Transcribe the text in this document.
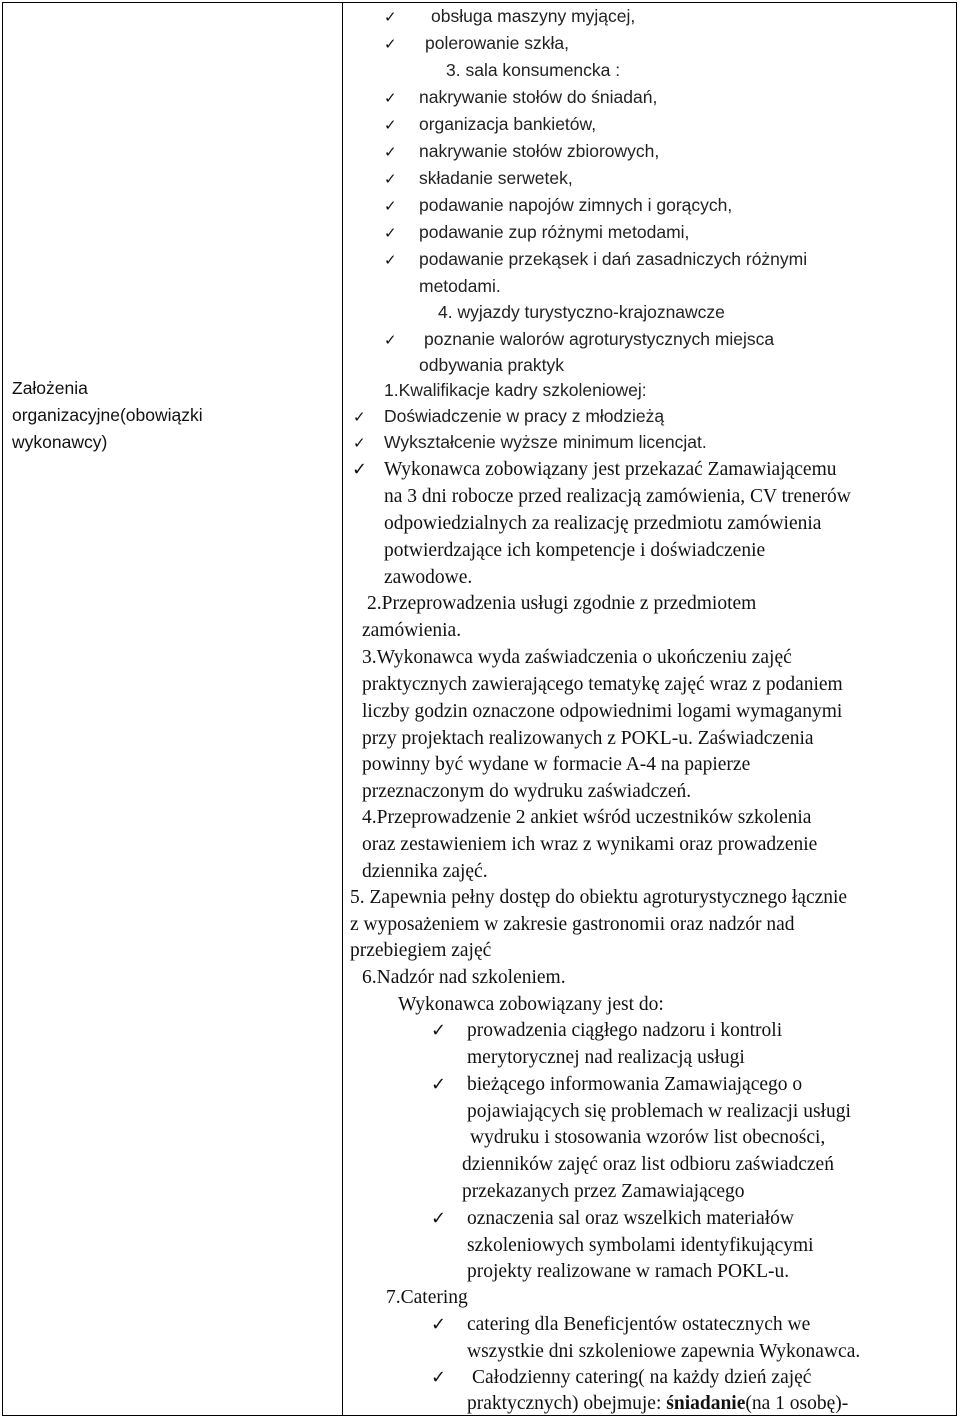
Założenia
organizacyjne(obowiązki
wykonawcy)
✓ obsługa maszyny myjącej,
✓ polerowanie szkła,
3. sala konsumencka :
✓ nakrywanie stołów do śniadań,
✓ organizacja bankietów,
✓ nakrywanie stołów zbiorowych,
✓ składanie serwetek,
✓ podawanie napojów zimnych i gorących,
✓ podawanie zup różnymi metodami,
✓ podawanie przekąsek i dań zasadniczych różnymi
metodami.
4. wyjazdy turystyczno-krajoznawcze
✓ poznanie walorów agroturystycznych miejsca
odbywania praktyk
1.Kwalifikacje kadry szkoleniowej:
✓ Doświadczenie w pracy z młodzieżą
✓ Wykształcenie wyższe minimum licencjat.
✓ Wykonawca zobowiązany jest przekazać Zamawiającemu
na 3 dni robocze przed realizacją zamówienia, CV trenerów
odpowiedzialnych za realizację przedmiotu zamówienia
potwierdzające ich kompetencje i doświadczenie
zawodowe.
2.Przeprowadzenia usługi zgodnie z przedmiotem
zamówienia.
3.Wykonawca wyda zaświadczenia o ukończeniu zajęć
praktycznych zawierającego tematykę zajęć wraz z podaniem
liczby godzin oznaczone odpowiednimi logami wymaganymi
przy projektach realizowanych z POKL-u. Zaświadczenia
powinny być wydane w formacie A-4 na papierze
przeznaczonym do wydruku zaświadczeń.
4.Przeprowadzenie 2 ankiet wśród uczestników szkolenia
oraz zestawieniem ich wraz z wynikami oraz prowadzenie
dziennika zajęć.
5. Zapewnia pełny dostęp do obiektu agroturystycznego łącznie
z wyposażeniem w zakresie gastronomii oraz nadzór nad
przebiegiem zajęć
6.Nadzór nad szkoleniem.
Wykonawca zobowiązany jest do:
✓ prowadzenia ciągłego nadzoru i kontroli
merytorycznej nad realizacją usługi
✓ bieżącego informowania Zamawiającego o
pojawiających się problemach w realizacji usługi
wydruku i stosowania wzorów list obecności,
dzienników zajęć oraz list odbioru zaświadczeń
przekazanych przez Zamawiającego
✓ oznaczenia sal oraz wszelkich materiałów
szkoleniowych symbolami identyfikującymi
projekty realizowane w ramach POKL-u.
7.Catering
✓ catering dla Beneficjentów ostatecznych we
wszystkie dni szkoleniowe zapewnia Wykonawca.
✓ Całodzienny catering( na każdy dzień zajęć
praktycznych) obejmuje: śniadanie(na 1 osobę)-
